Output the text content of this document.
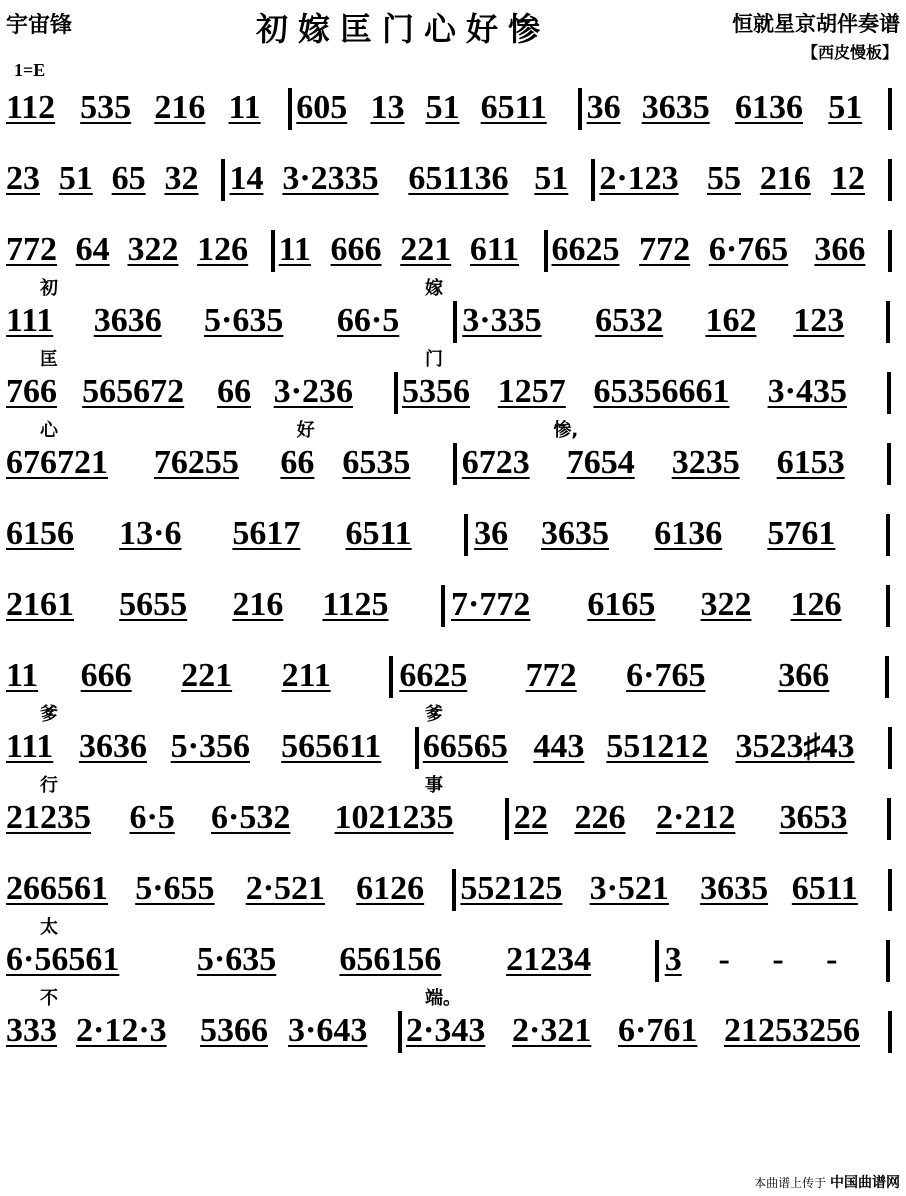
宇宙锋	初嫁匡门心好惨	恒就星京胡伴奏谱
【西皮慢板】
1=E
112 535 216 11 605 13 51 6511 36 3635 6136 51
23 51 65 32 14 3·2335 651136 51 2·123 55 216 12
772 64 322 126 11 666 221 611 6625 772 6·765 366
初	嫁
111 3636 5·635 66·5 3·335 6532 162 123
匡	门
766 565672 66 3·236 5356 1257 65356661 3·435
心	好	惨,
676721 76255 66 6535 6723 7654 3235 6153
6156 13·6 5617 6511 36 3635 6136 5761
2161 5655 216 1125 7·772 6165 322 126
11 666 221 211 6625 772 6·765 366
爹	爹
111 3636 5·356 565611 66565 443 551212 3523♯43
行	事
21235 6·5 6·532 1021235 22 226 2·212 3653
266561 5·655 2·521 6126 552125 3·521 3635 6511
太
6·56561 5·635 656156 21234 3 - - -
不	端。
333 2·12·3 5366 3·643 2·343 2·321 6·761 21253256
本曲谱上传于 中国曲谱网
